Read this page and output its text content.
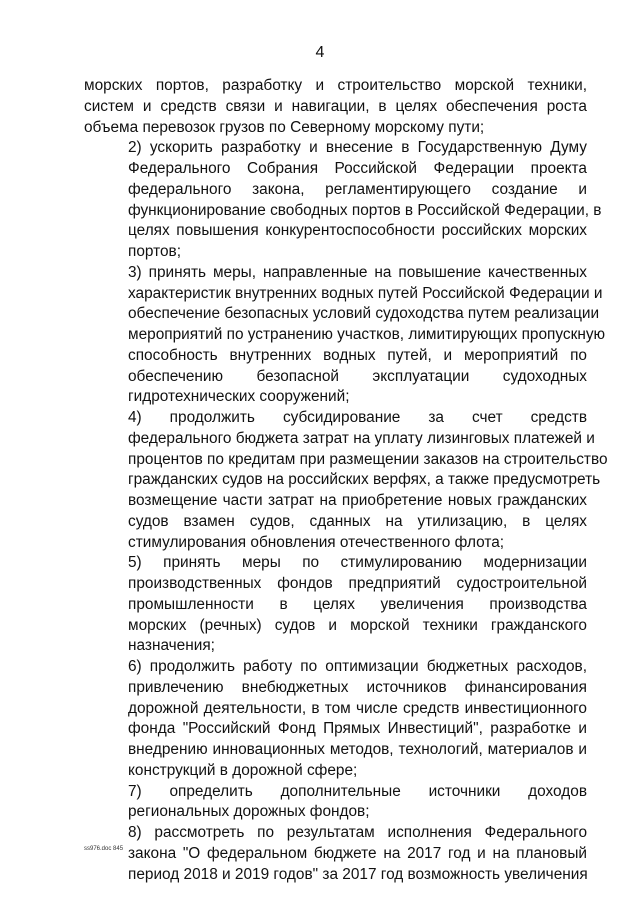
4

морских портов, разработку и строительство морской техники,
систем и средств связи и навигации, в целях обеспечения роста
объема перевозок грузов по Северному морскому пути;

2) ускорить разработку и внесение в Государственную Думу
Федерального Собрания Российской Федерации проекта
федерального закона, регламентирующего создание и
функционирование свободных портов в Российской Федерации, в
целях повышения конкурентоспособности российских морских
портов;

3) принять меры, направленные на повышение качественных
характеристик внутренних водных путей Российской Федерации и
обеспечение безопасных условий судоходства путем реализации
мероприятий по устранению участков, лимитирующих пропускную
способность внутренних водных путей, и мероприятий по
обеспечению безопасной эксплуатации судоходных
гидротехнических сооружений;

4) продолжить субсидирование за счет средств
федерального бюджета затрат на уплату лизинговых платежей и
процентов по кредитам при размещении заказов на строительство
гражданских судов на российских верфях, а также предусмотреть
возмещение части затрат на приобретение новых гражданских
судов взамен судов, сданных на утилизацию, в целях
стимулирования обновления отечественного флота;

5) принять меры по стимулированию модернизации
производственных фондов предприятий судостроительной
промышленности в целях увеличения производства
морских (речных) судов и морской техники гражданского
назначения;

6) продолжить работу по оптимизации бюджетных расходов,
привлечению внебюджетных источников финансирования
дорожной деятельности, в том числе средств инвестиционного
фонда "Российский Фонд Прямых Инвестиций", разработке и
внедрению инновационных методов, технологий, материалов и
конструкций в дорожной сфере;

7) определить дополнительные источники доходов
региональных дорожных фондов;

8) рассмотреть по результатам исполнения Федерального
закона "О федеральном бюджете на 2017 год и на плановый
период 2018 и 2019 годов" за 2017 год возможность увеличения

ss976.doc 845
